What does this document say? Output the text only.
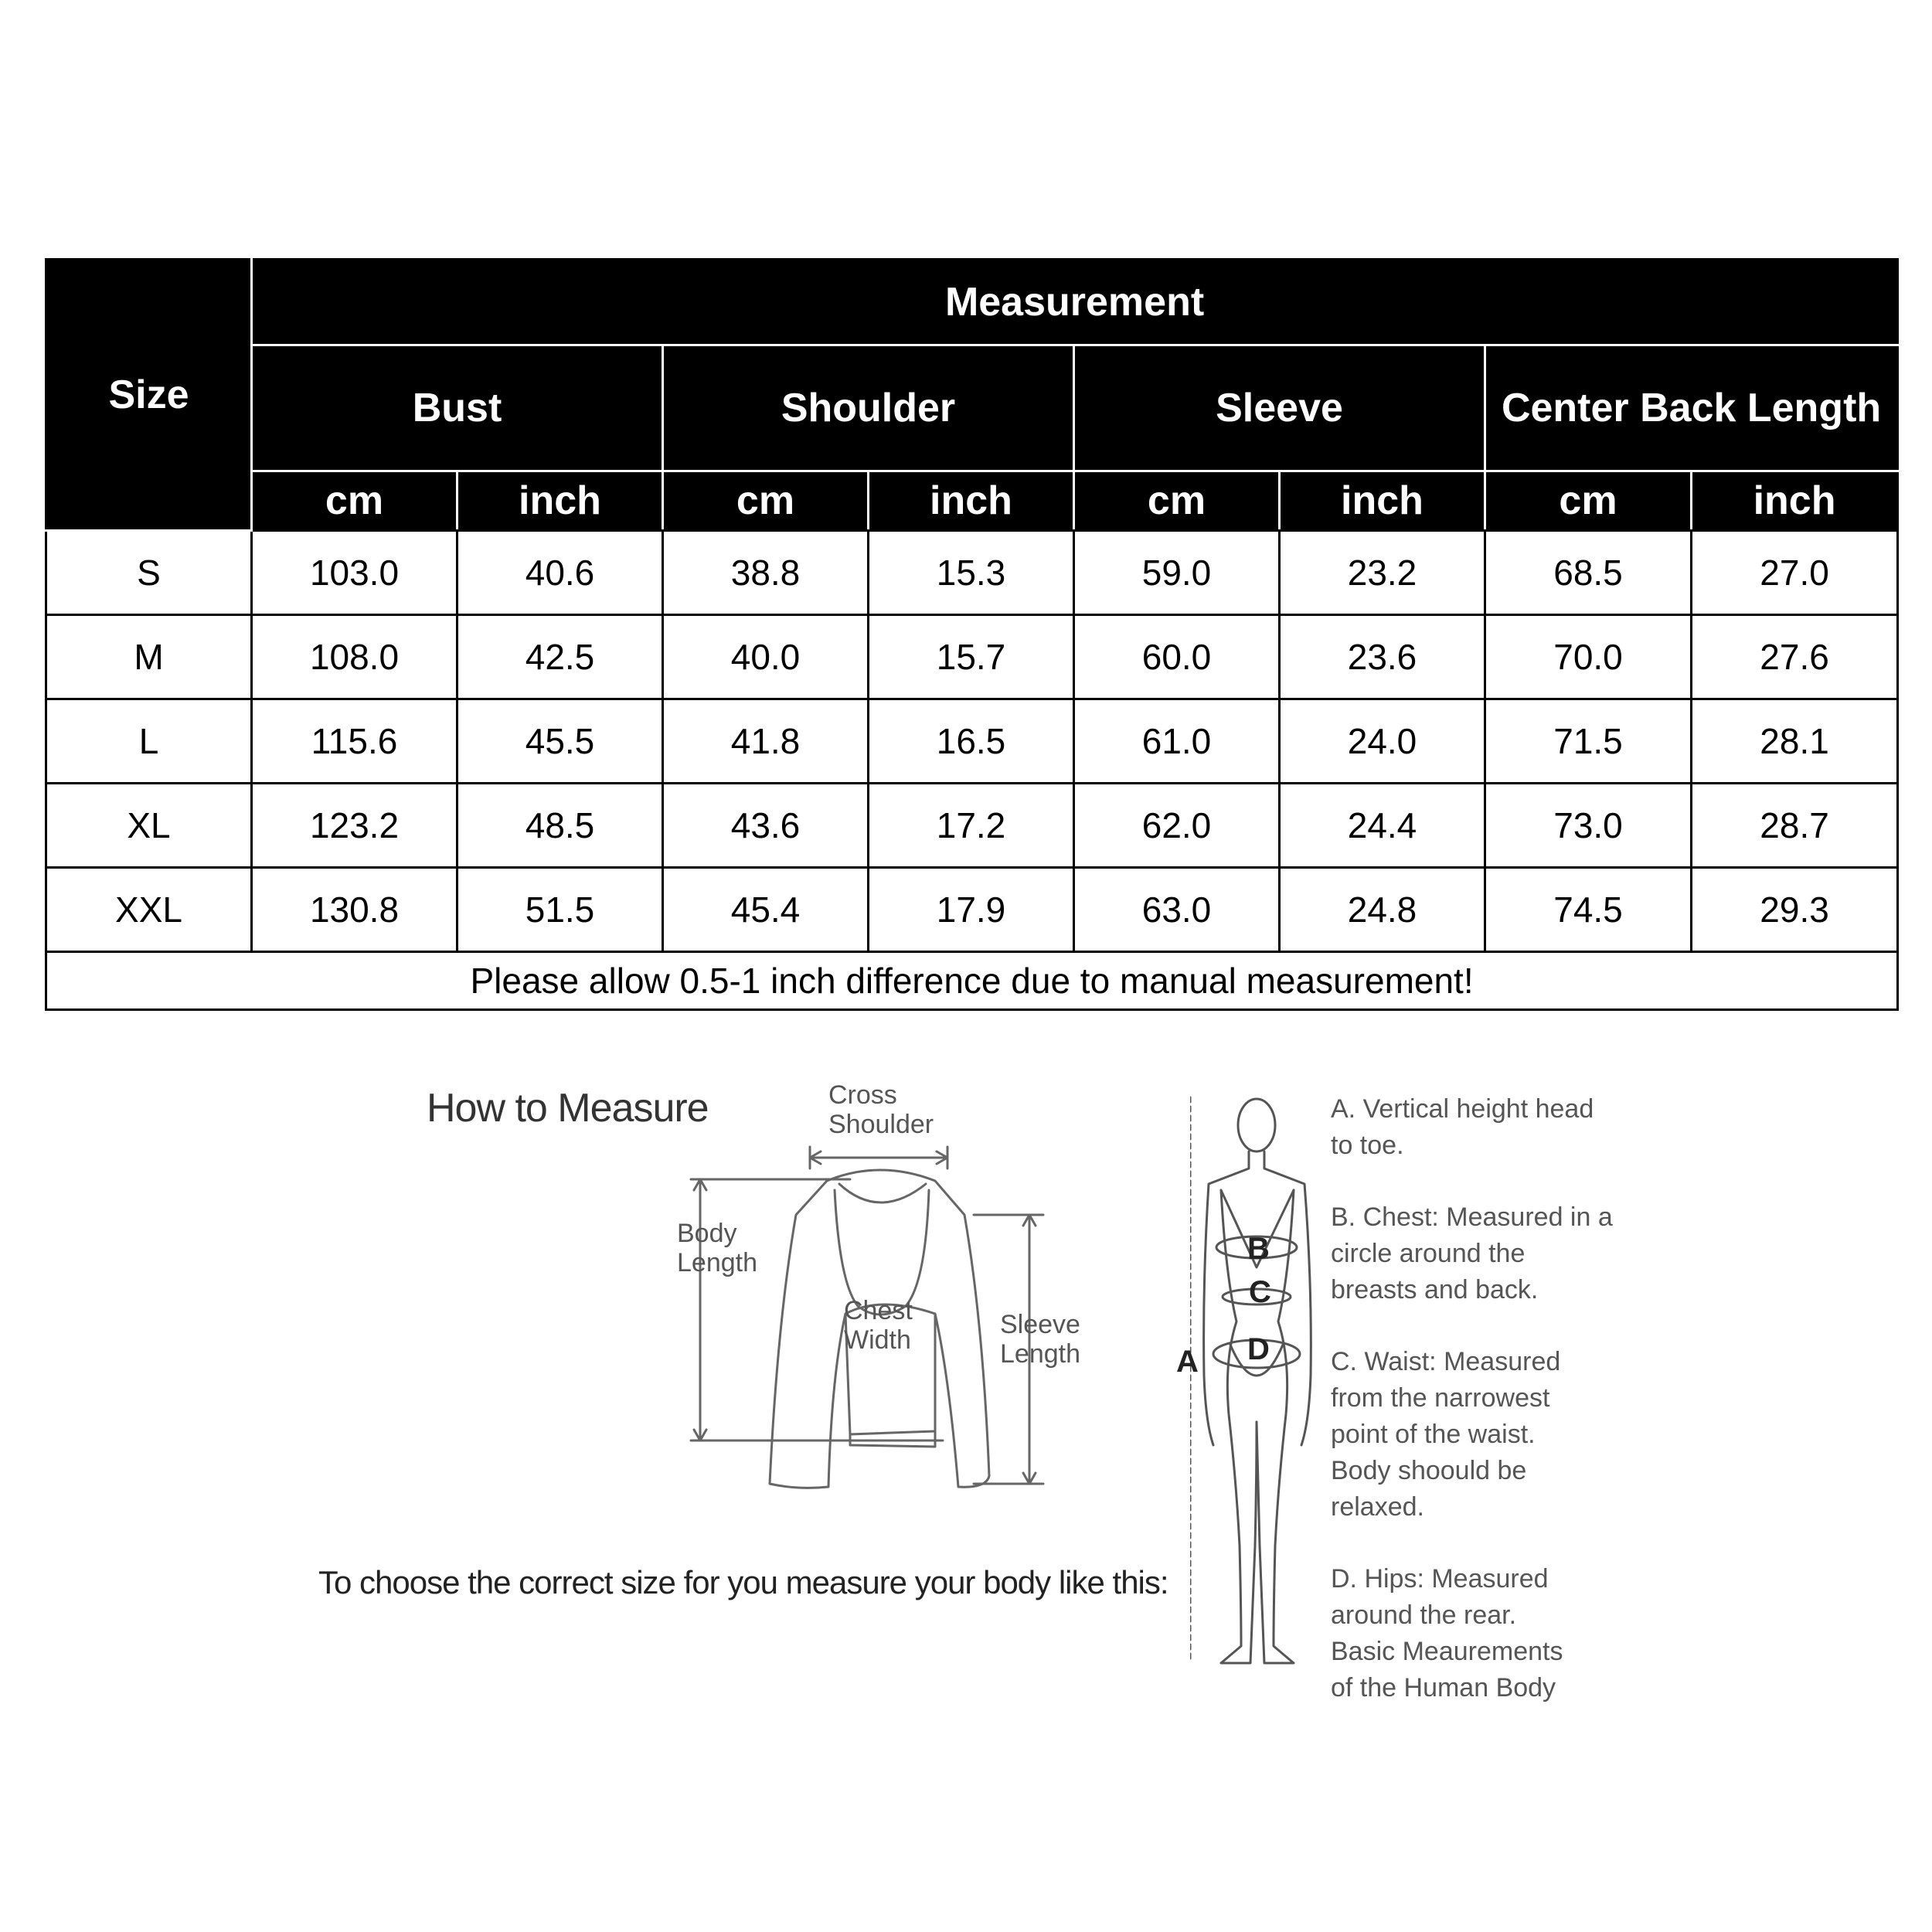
Size	Measurement							
	Bust		Shoulder		Sleeve		Center Back Length	
	cm	inch	cm	inch	cm	inch	cm	inch
S	103.0	40.6	38.8	15.3	59.0	23.2	68.5	27.0
M	108.0	42.5	40.0	15.7	60.0	23.6	70.0	27.6
L	115.6	45.5	41.8	16.5	61.0	24.0	71.5	28.1
XL	123.2	48.5	43.6	17.2	62.0	24.4	73.0	28.7
XXL	130.8	51.5	45.4	17.9	63.0	24.8	74.5	29.3
Please allow 0.5-1 inch difference due to manual measurement!								
How to Measure
To choose the correct size for you measure your body like this:
Cross
Shoulder
Body
Length
Chest
Width
Sleeve
Length	A
B
C
D
A. Vertical height head
to toe.
B. Chest: Measured in a
circle around the
breasts and back.
C. Waist: Measured
from the narrowest
point of the waist.
Body shoould be
relaxed.
D. Hips: Measured
around the rear.
Basic Meaurements
of the Human Body
